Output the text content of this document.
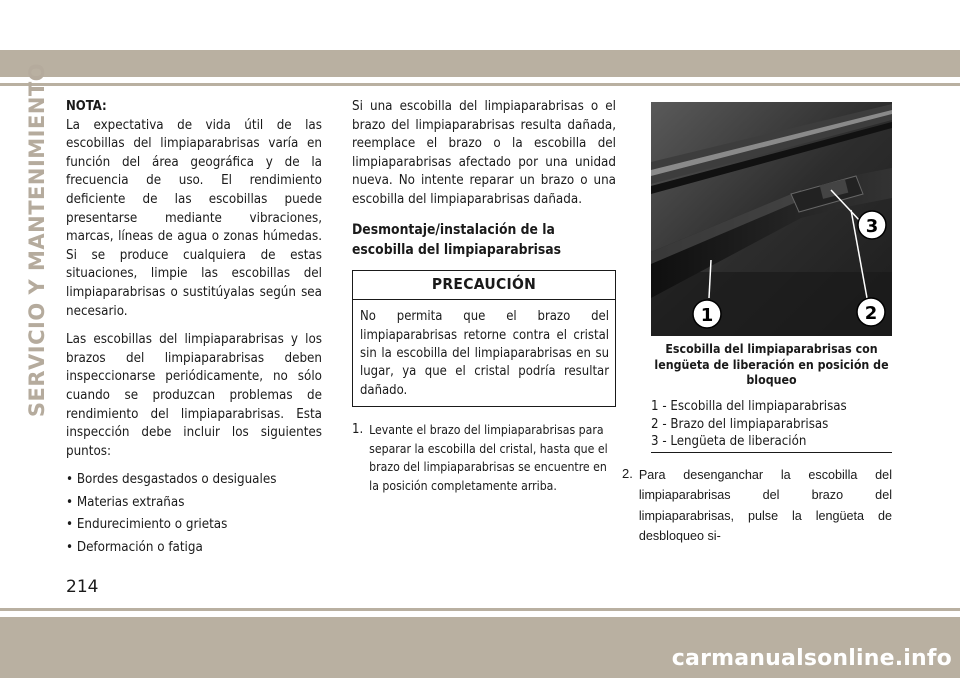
SERVICIO Y MANTENIMIENTO NOTA:

La expectativa de vida útil de las escobillas del limpiaparabrisas varía en función del área geográfica y de la frecuencia de uso. El rendimiento deficiente de las escobillas puede presentarse mediante vibraciones, marcas, líneas de agua o zonas húmedas. Si se produce cualquiera de estas situaciones, limpie las escobillas del limpiaparabrisas o sustitúyalas según sea necesario.

Las escobillas del limpiaparabrisas y los brazos del limpiaparabrisas deben inspeccionarse periódicamente, no sólo cuando se produzcan problemas de rendimiento del limpiaparabrisas. Esta inspección debe incluir los siguientes puntos:

• Bordes desgastados o desiguales
• Materias extrañas
• Endurecimiento o grietas
• Deformación o fatiga

Si una escobilla del limpiaparabrisas o el brazo del limpiaparabrisas resulta dañada, reemplace el brazo o la escobilla del limpiaparabrisas afectado por una unidad nueva. No intente reparar un brazo o una escobilla del limpiaparabrisas dañada.

Desmontaje/instalación de la escobilla del limpiaparabrisas
PRECAUCIÓN
No permita que el brazo del limpiaparabrisas retorne contra el cristal sin la escobilla del limpiaparabrisas en su lugar, ya que el cristal podría resultar dañado.
1. Levante el brazo del limpiaparabrisas para separar la escobilla del cristal, hasta que el brazo del limpiaparabrisas se encuentre en la posición completamente arriba.
1	2
3
Escobilla del limpiaparabrisas con lengüeta de liberación en posición de bloqueo
1 - Escobilla del limpiaparabrisas
2 - Brazo del limpiaparabrisas
3 - Lengüeta de liberación
2. Para desenganchar la escobilla del limpiaparabrisas del brazo del limpiaparabrisas, pulse la lengüeta de desbloqueo si-
214
carmanualsonline.info
